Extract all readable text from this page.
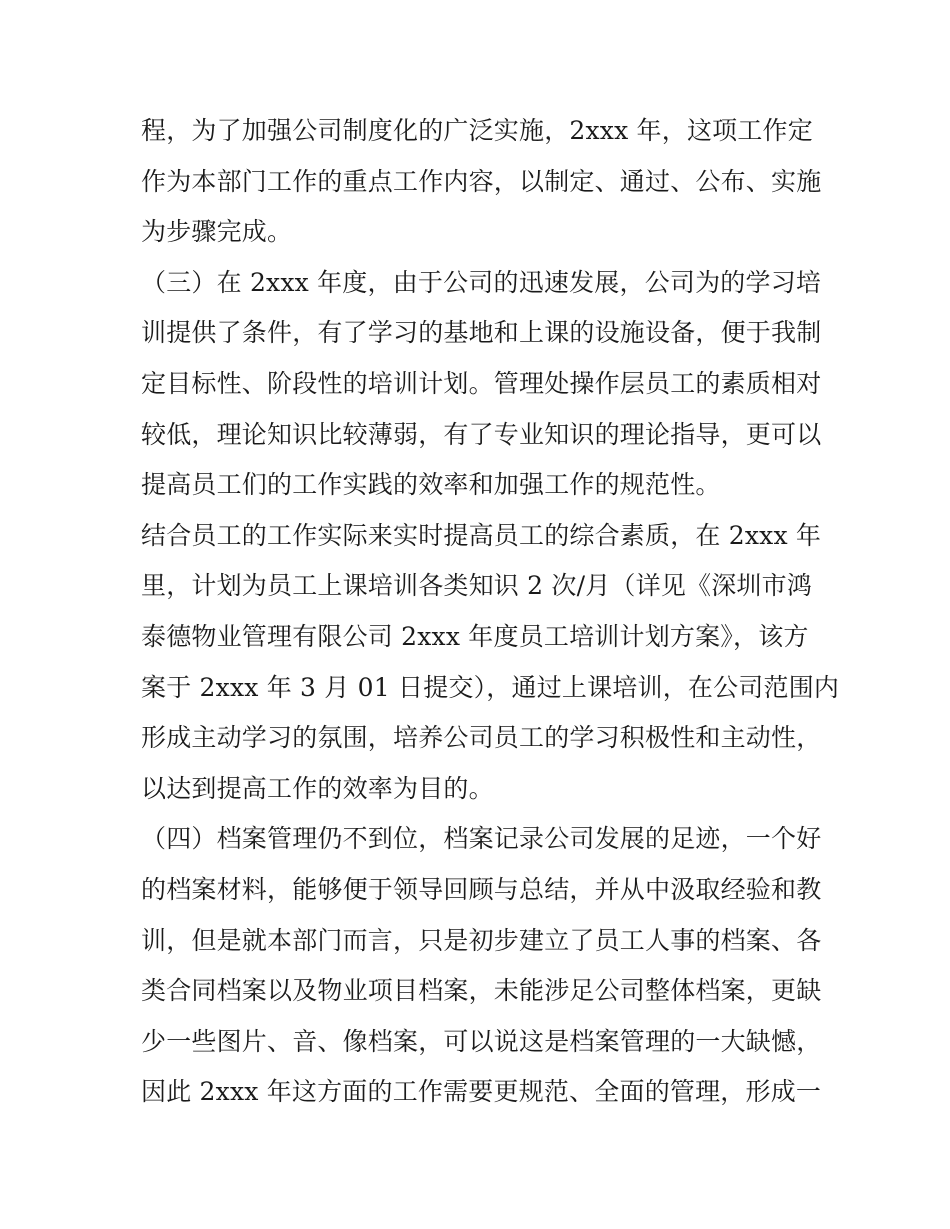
程，为了加强公司制度化的广泛实施，2xxx 年，这项工作定
作为本部门工作的重点工作内容，以制定、通过、公布、实施
为步骤完成。
（三）在 2xxx 年度，由于公司的迅速发展，公司为的学习培
训提供了条件，有了学习的基地和上课的设施设备，便于我制
定目标性、阶段性的培训计划。管理处操作层员工的素质相对
较低，理论知识比较薄弱，有了专业知识的理论指导，更可以
提高员工们的工作实践的效率和加强工作的规范性。
结合员工的工作实际来实时提高员工的综合素质，在 2xxx 年
里，计划为员工上课培训各类知识 2 次/月（详见《深圳市鸿
泰德物业管理有限公司 2xxx 年度员工培训计划方案》，该方
案于 2xxx 年 3 月 01 日提交），通过上课培训，在公司范围内
形成主动学习的氛围，培养公司员工的学习积极性和主动性，
以达到提高工作的效率为目的。
（四）档案管理仍不到位，档案记录公司发展的足迹，一个好
的档案材料，能够便于领导回顾与总结，并从中汲取经验和教
训，但是就本部门而言，只是初步建立了员工人事的档案、各
类合同档案以及物业项目档案，未能涉足公司整体档案，更缺
少一些图片、音、像档案，可以说这是档案管理的一大缺憾，
因此 2xxx 年这方面的工作需要更规范、全面的管理，形成一
